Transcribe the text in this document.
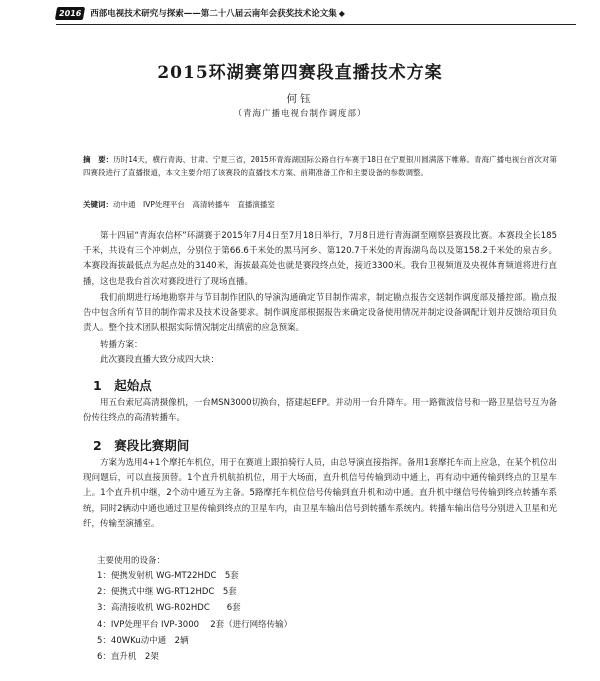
2016 西部电视技术研究与探索——第二十八届云南年会获奖技术论文集 ◆
2015环湖赛第四赛段直播技术方案
何钰
（青海广播电视台制作调度部）
摘　要：历时14天，横行青海、甘肃、宁夏三省，2015环青海湖国际公路自行车赛于18日在宁夏银川圆满落下帷幕。青海广播电视台首次对第四赛段进行了直播报道，本文主要介绍了该赛段的直播技术方案、前期准备工作和主要设备的参数调整。
关键词：动中通　IVP处理平台　高清转播车　直播演播室
第十四届“青海农信杯”环湖赛于2015年7月4日至7月18日举行，7月8日进行青海湖至刚察县赛段比赛。本赛段全长185千米，共设有三个冲刺点，分别位于第66.6千米处的黑马河乡、第120.7千米处的青海湖鸟岛以及第158.2千米处的泉吉乡。本赛段海拔最低点为起点处的3140米，海拔最高处也就是赛段终点处，接近3300米。我台卫视频道及央视体育频道将进行直播，这也是我台首次对赛段进行了现场直播。
我们前期进行场地勘察并与节目制作团队的导演沟通确定节目制作需求，制定勘点报告交送制作调度部及播控部。勘点报告中包含所有节目的制作需求及技术设备要求。制作调度部根据报告来确定设备使用情况并制定设备调配计划并反馈给项目负责人。整个技术团队根据实际情况制定出缜密的应急预案。
转播方案：
此次赛段直播大致分成四大块：
1　起始点
用五台索尼高清摄像机，一台MSN3000切换台，搭建起EFP。并动用一台升降车。用一路微波信号和一路卫星信号互为备份传往终点的高清转播车。
2　赛段比赛期间
方案为选用4+1个摩托车机位，用于在赛道上跟拍骑行人员，由总导演直接指挥。备用1套摩托车而上应急，在某个机位出现问题后，可以直接顶替。1个直升机航拍机位，用于大场面，直升机信号传输到动中通上，再有动中通传输到终点的卫星车上。1个直升机中继，2个动中通互为主备。5路摩托车机位信号传输到直升机和动中通。直升机中继信号传输到终点转播车系统，同时2辆动中通也通过卫星传输到终点的卫星车内，由卫星车输出信号到转播车系统内。转播车输出信号分别进入卫星和光纤，传输至演播室。
主要使用的设备：
1：便携发射机 WG-MT22HDC　5套
2：便携式中继 WG-RT12HDC　5套
3：高清接收机 WG-R02HDC　　6套
4：IVP处理平台 IVP-3000　 2套（进行网络传输）
5：40WKu动中通　2辆
6：直升机　2架
